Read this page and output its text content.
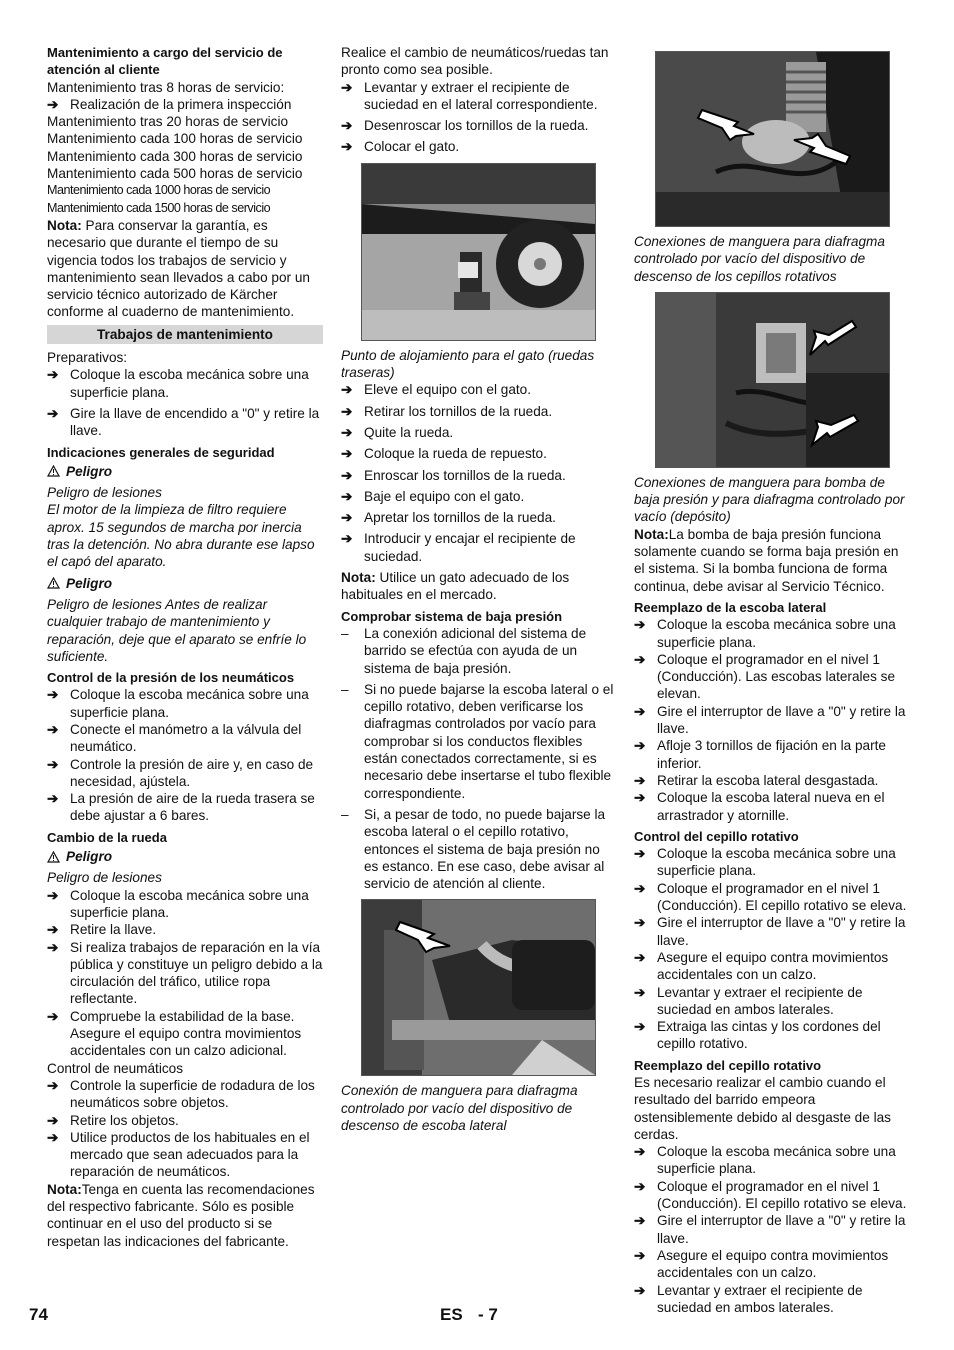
Mantenimiento a cargo del servicio de atención al cliente

Mantenimiento tras 8 horas de servicio:

➔ Realización de la primera inspección

Mantenimiento tras 20 horas de servicio

Mantenimiento cada 100 horas de servicio

Mantenimiento cada 300 horas de servicio

Mantenimiento cada 500 horas de servicio

Mantenimiento cada 1000 horas de servicio

Mantenimiento cada 1500 horas de servicio

Nota: Para conservar la garantía, es necesario que durante el tiempo de su vigencia todos los trabajos de servicio y mantenimiento sean llevados a cabo por un servicio técnico autorizado de Kärcher conforme al cuaderno de mantenimiento.

Trabajos de mantenimiento

Preparativos:

➔ Coloque la escoba mecánica sobre una superficie plana.
➔ Gire la llave de encendido a "0" y retire la llave.

Indicaciones generales de seguridad

Peligro

Peligro de lesiones

El motor de la limpieza de filtro requiere aprox. 15 segundos de marcha por inercia tras la detención. No abra durante ese lapso el capó del aparato.

Peligro

Peligro de lesiones Antes de realizar cualquier trabajo de mantenimiento y reparación, deje que el aparato se enfríe lo suficiente.

Control de la presión de los neumáticos

➔ Coloque la escoba mecánica sobre una superficie plana.
➔ Conecte el manómetro a la válvula del neumático.
➔ Controle la presión de aire y, en caso de necesidad, ajústela.
➔ La presión de aire de la rueda trasera se debe ajustar a 6 bares.

Cambio de la rueda

Peligro

Peligro de lesiones

➔ Coloque la escoba mecánica sobre una superficie plana.
➔ Retire la llave.
➔ Si realiza trabajos de reparación en la vía pública y constituye un peligro debido a la circulación del tráfico, utilice ropa reflectante.
➔ Compruebe la estabilidad de la base. Asegure el equipo contra movimientos accidentales con un calzo adicional.

Control de neumáticos

➔ Controle la superficie de rodadura de los neumáticos sobre objetos.
➔ Retire los objetos.
➔ Utilice productos de los habituales en el mercado que sean adecuados para la reparación de neumáticos.

Nota:Tenga en cuenta las recomendaciones del respectivo fabricante. Sólo es posible continuar en el uso del producto si se respetan las indicaciones del fabricante.

Realice el cambio de neumáticos/ruedas tan pronto como sea posible.

➔ Levantar y extraer el recipiente de suciedad en el lateral correspondiente.
➔ Desenroscar los tornillos de la rueda.
➔ Colocar el gato.

Punto de alojamiento para el gato (ruedas traseras)

➔ Eleve el equipo con el gato.
➔ Retirar los tornillos de la rueda.
➔ Quite la rueda.
➔ Coloque la rueda de repuesto.
➔ Enroscar los tornillos de la rueda.
➔ Baje el equipo con el gato.
➔ Apretar los tornillos de la rueda.
➔ Introducir y encajar el recipiente de suciedad.

Nota: Utilice un gato adecuado de los habituales en el mercado.

Comprobar sistema de baja presión

–	La conexión adicional del sistema de barrido se efectúa con ayuda de un sistema de baja presión.
–	Si no puede bajarse la escoba lateral o el cepillo rotativo, deben verificarse los diafragmas controlados por vacío para comprobar si los conductos flexibles están conectados correctamente, si es necesario debe insertarse el tubo flexible correspondiente.
–	Si, a pesar de todo, no puede bajarse la escoba lateral o el cepillo rotativo, entonces el sistema de baja presión no es estanco. En ese caso, debe avisar al servicio de atención al cliente.

Conexión de manguera para diafragma controlado por vacío del dispositivo de descenso de escoba lateral

Conexiones de manguera para diafragma controlado por vacío del dispositivo de descenso de los cepillos rotativos

Conexiones de manguera para bomba de baja presión y para diafragma controlado por vacío (depósito)

Nota:La bomba de baja presión funciona solamente cuando se forma baja presión en el sistema. Si la bomba funciona de forma continua, debe avisar al Servicio Técnico.

Reemplazo de la escoba lateral

➔ Coloque la escoba mecánica sobre una superficie plana.
➔ Coloque el programador en el nivel 1 (Conducción). Las escobas laterales se elevan.
➔ Gire el interruptor de llave a "0" y retire la llave.
➔ Afloje 3 tornillos de fijación en la parte inferior.
➔ Retirar la escoba lateral desgastada.
➔ Coloque la escoba lateral nueva en el arrastrador y atornille.

Control del cepillo rotativo

➔ Coloque la escoba mecánica sobre una superficie plana.
➔ Coloque el programador en el nivel 1 (Conducción). El cepillo rotativo se eleva.
➔ Gire el interruptor de llave a "0" y retire la llave.
➔ Asegure el equipo contra movimientos accidentales con un calzo.
➔ Levantar y extraer el recipiente de suciedad en ambos laterales.
➔ Extraiga las cintas y los cordones del cepillo rotativo.

Reemplazo del cepillo rotativo

Es necesario realizar el cambio cuando el resultado del barrido empeora ostensiblemente debido al desgaste de las cerdas.

➔ Coloque la escoba mecánica sobre una superficie plana.
➔ Coloque el programador en el nivel 1 (Conducción). El cepillo rotativo se eleva.
➔ Gire el interruptor de llave a "0" y retire la llave.
➔ Asegure el equipo contra movimientos accidentales con un calzo.
➔ Levantar y extraer el recipiente de suciedad en ambos laterales.
74	ES - 7
